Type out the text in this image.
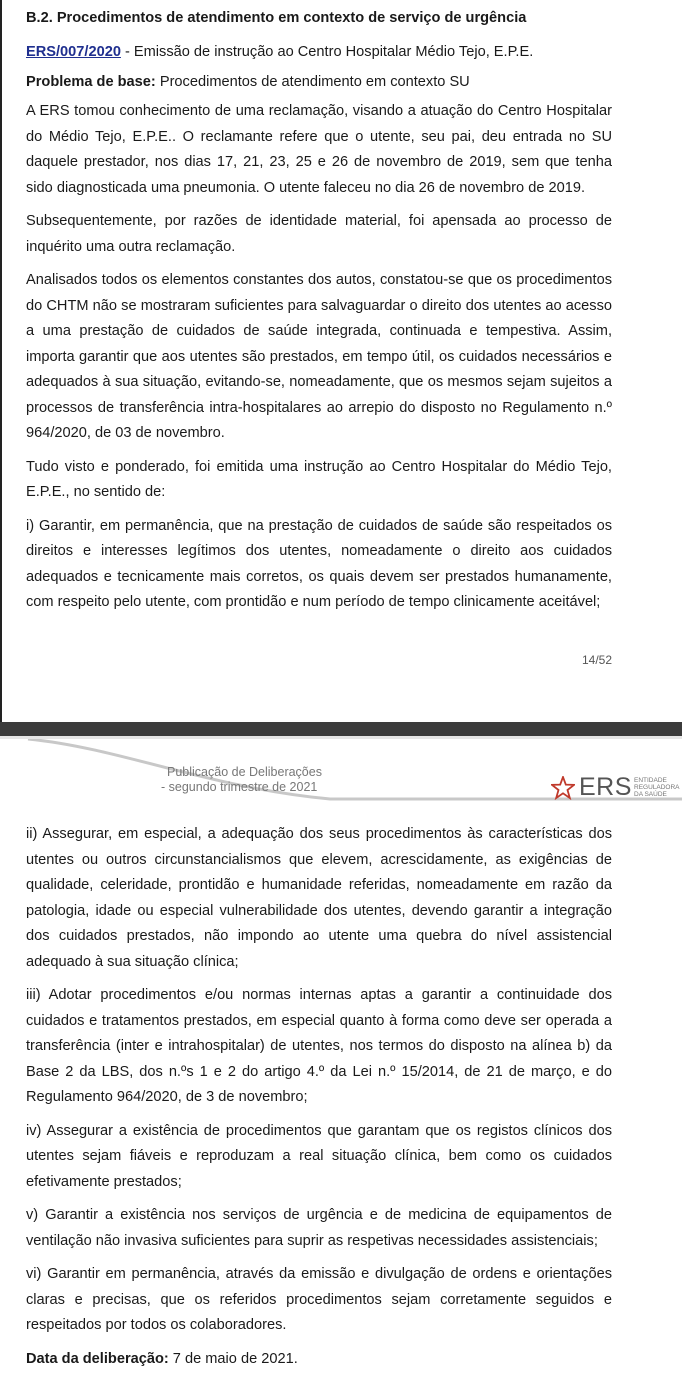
B.2. Procedimentos de atendimento em contexto de serviço de urgência
ERS/007/2020 - Emissão de instrução ao Centro Hospitalar Médio Tejo, E.P.E.
Problema de base: Procedimentos de atendimento em contexto SU
A ERS tomou conhecimento de uma reclamação, visando a atuação do Centro Hospitalar do Médio Tejo, E.P.E.. O reclamante refere que o utente, seu pai, deu entrada no SU daquele prestador, nos dias 17, 21, 23, 25 e 26 de novembro de 2019, sem que tenha sido diagnosticada uma pneumonia. O utente faleceu no dia 26 de novembro de 2019.
Subsequentemente, por razões de identidade material, foi apensada ao processo de inquérito uma outra reclamação.
Analisados todos os elementos constantes dos autos, constatou-se que os procedimentos do CHTM não se mostraram suficientes para salvaguardar o direito dos utentes ao acesso a uma prestação de cuidados de saúde integrada, continuada e tempestiva. Assim, importa garantir que aos utentes são prestados, em tempo útil, os cuidados necessários e adequados à sua situação, evitando-se, nomeadamente, que os mesmos sejam sujeitos a processos de transferência intra-hospitalares ao arrepio do disposto no Regulamento n.º 964/2020, de 03 de novembro.
Tudo visto e ponderado, foi emitida uma instrução ao Centro Hospitalar do Médio Tejo, E.P.E., no sentido de:
i) Garantir, em permanência, que na prestação de cuidados de saúde são respeitados os direitos e interesses legítimos dos utentes, nomeadamente o direito aos cuidados adequados e tecnicamente mais corretos, os quais devem ser prestados humanamente, com respeito pelo utente, com prontidão e num período de tempo clinicamente aceitável;
14/52
Publicação de Deliberações
- segundo trimestre de 2021	ERS ENTIDADE
REGULADORA
DA SAÚDE
ii) Assegurar, em especial, a adequação dos seus procedimentos às características dos utentes ou outros circunstancialismos que elevem, acrescidamente, as exigências de qualidade, celeridade, prontidão e humanidade referidas, nomeadamente em razão da patologia, idade ou especial vulnerabilidade dos utentes, devendo garantir a integração dos cuidados prestados, não impondo ao utente uma quebra do nível assistencial adequado à sua situação clínica;
iii) Adotar procedimentos e/ou normas internas aptas a garantir a continuidade dos cuidados e tratamentos prestados, em especial quanto à forma como deve ser operada a transferência (inter e intrahospitalar) de utentes, nos termos do disposto na alínea b) da Base 2 da LBS, dos n.ºs 1 e 2 do artigo 4.º da Lei n.º 15/2014, de 21 de março, e do Regulamento 964/2020, de 3 de novembro;
iv) Assegurar a existência de procedimentos que garantam que os registos clínicos dos utentes sejam fiáveis e reproduzam a real situação clínica, bem como os cuidados efetivamente prestados;
v) Garantir a existência nos serviços de urgência e de medicina de equipamentos de ventilação não invasiva suficientes para suprir as respetivas necessidades assistenciais;
vi) Garantir em permanência, através da emissão e divulgação de ordens e orientações claras e precisas, que os referidos procedimentos sejam corretamente seguidos e respeitados por todos os colaboradores.
Data da deliberação: 7 de maio de 2021.
